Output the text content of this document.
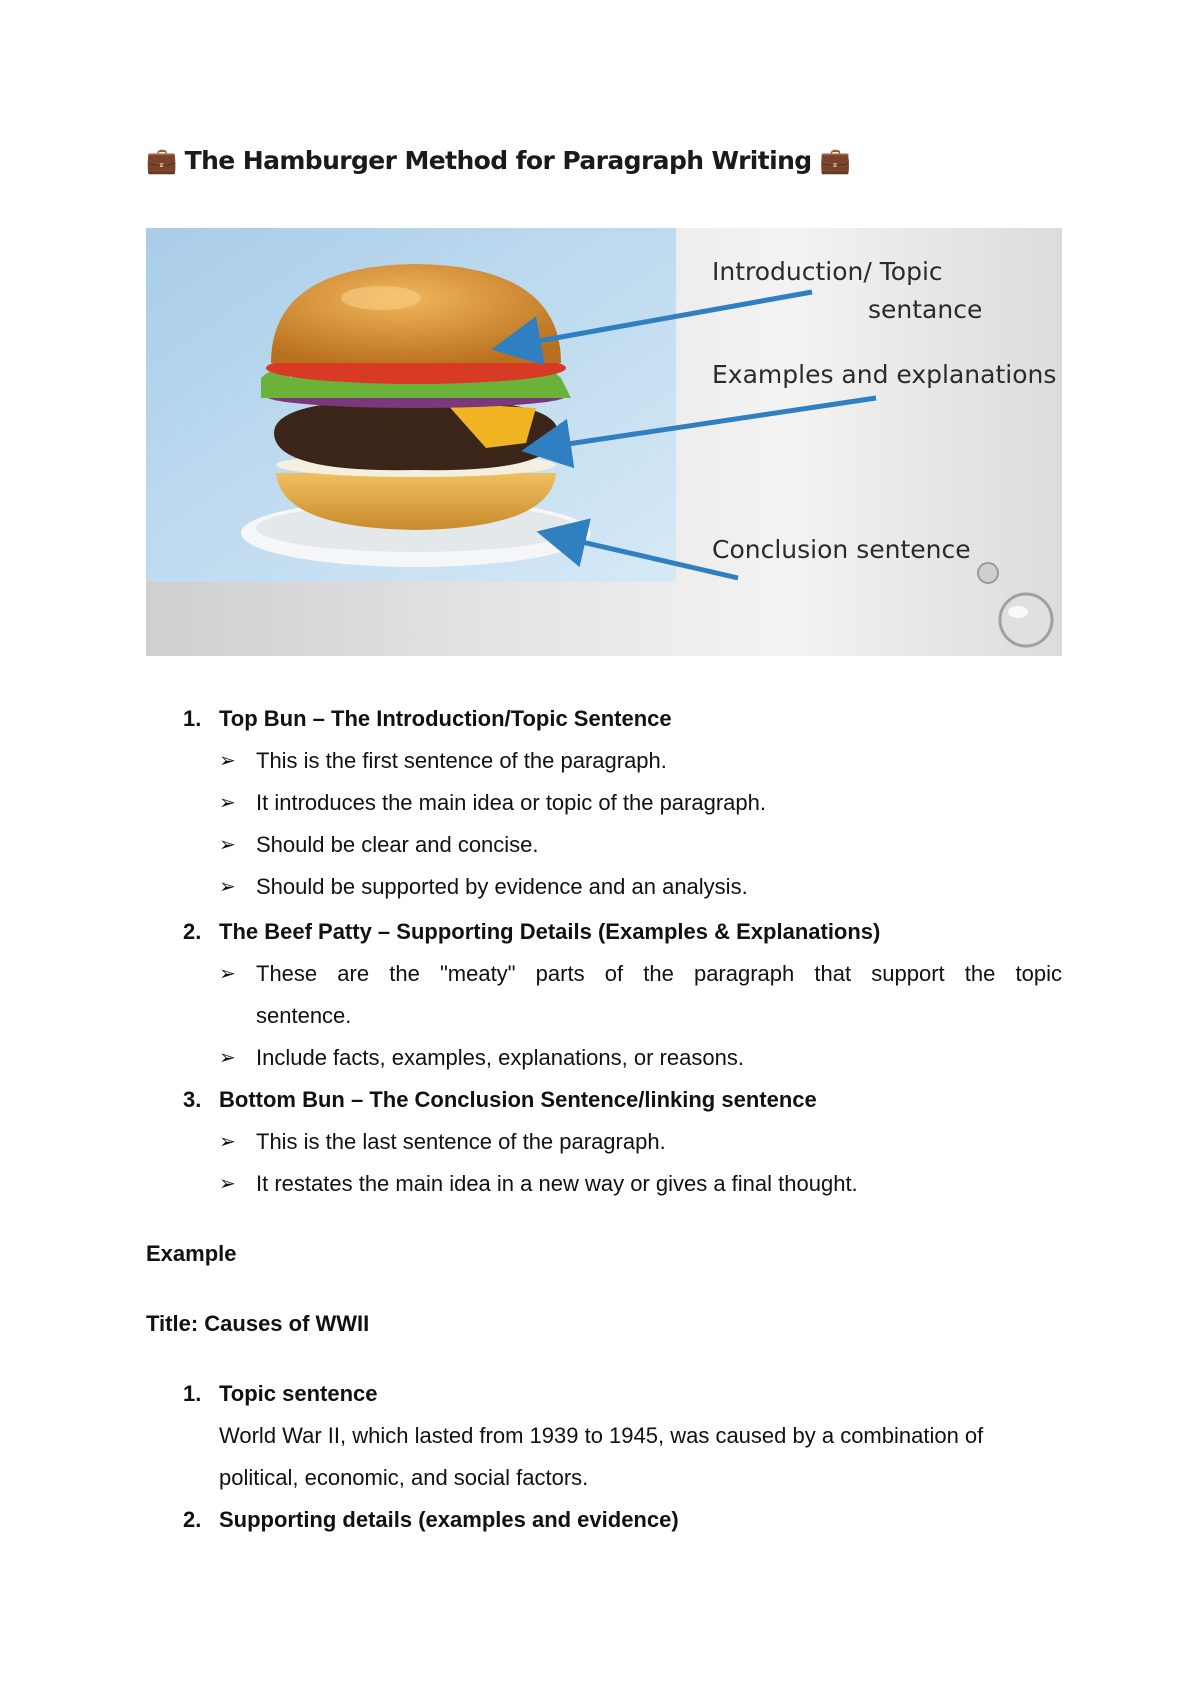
💼 The Hamburger Method for Paragraph Writing 💼
Introduction/ Topic
sentance
Examples and explanations
Conclusion sentence
1. Top Bun – The Introduction/Topic Sentence
➢ This is the first sentence of the paragraph.
➢ It introduces the main idea or topic of the paragraph.
➢ Should be clear and concise.
➢ Should be supported by evidence and an analysis.
2. The Beef Patty – Supporting Details (Examples & Explanations)
➢ These are the "meaty" parts of the paragraph that support the topic
sentence.
➢ Include facts, examples, explanations, or reasons.
3. Bottom Bun – The Conclusion Sentence/linking sentence
➢ This is the last sentence of the paragraph.
➢ It restates the main idea in a new way or gives a final thought.
Example
Title: Causes of WWII
1. Topic sentence
World War II, which lasted from 1939 to 1945, was caused by a combination of
political, economic, and social factors.
2. Supporting details (examples and evidence)
